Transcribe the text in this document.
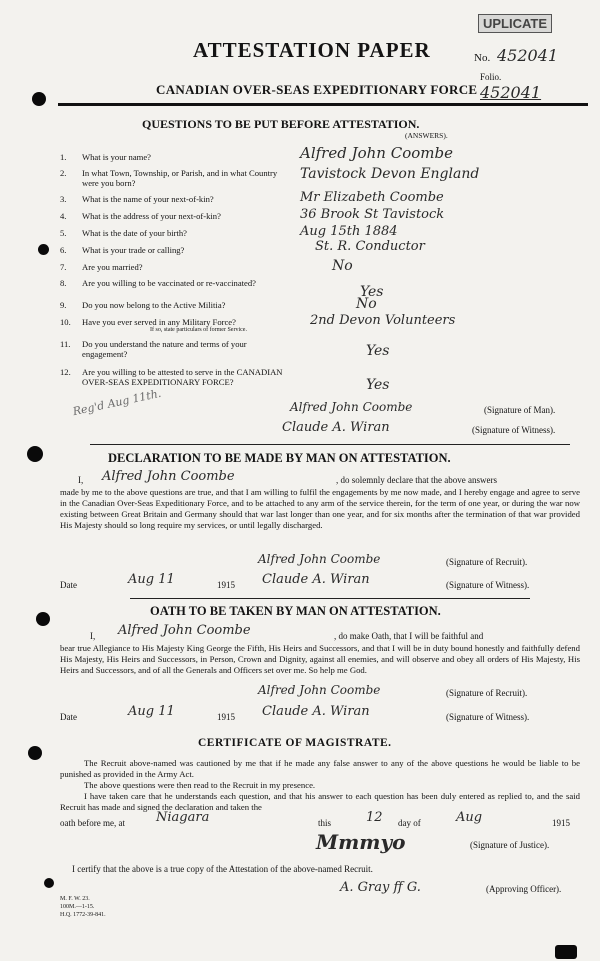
UPLICATE
ATTESTATION PAPER	No. 452041
Folio.
CANADIAN OVER-SEAS EXPEDITIONARY FORCE 452041
QUESTIONS TO BE PUT BEFORE ATTESTATION.
(ANSWERS).
1. What is your name?	Alfred John Coombe
2. In what Town, Township, or Parish, and in what Country were you born?
Tavistock Devon England
3. What is the name of your next-of-kin?	Mr Elizabeth Coombe
4. What is the address of your next-of-kin?	36 Brook St Tavistock
5. What is the date of your birth?	Aug 15th 1884
6. What is your trade or calling?	St. R. Conductor
7. Are you married?	No
8. Are you willing to be vaccinated or re-vaccinated?
Yes
9. Do you now belong to the Active Militia?	No
10. Have you ever served in any Military Force?
If so, state particulars of former Service.
2nd Devon Volunteers
11. Do you understand the nature and terms of your engagement?	Yes
12. Are you willing to be attested to serve in the CANADIAN OVER-SEAS EXPEDITIONARY FORCE?	Yes
Reg'd Aug 11th.	Alfred John Coombe	(Signature of Man).
Claude A. Wiran	(Signature of Witness).
DECLARATION TO BE MADE BY MAN ON ATTESTATION.
I, Alfred John Coombe	, do solemnly declare that the above answers
made by me to the above questions are true, and that I am willing to fulfil the engagements by me now made, and I hereby engage and agree to serve in the Canadian Over-Seas Expeditionary Force, and to be attached to any arm of the service therein, for the term of one year, or during the war now existing between Great Britain and Germany should that war last longer than one year, and for six months after the termination of that war provided His Majesty should so long require my services, or until legally discharged.
Alfred John Coombe	(Signature of Recruit).
Date	Aug 11	1915 Claude A. Wiran	(Signature of Witness).
OATH TO BE TAKEN BY MAN ON ATTESTATION.
I, Alfred John Coombe	, do make Oath, that I will be faithful and
bear true Allegiance to His Majesty King George the Fifth, His Heirs and Successors, and that I will be in duty bound honestly and faithfully defend His Majesty, His Heirs and Successors, in Person, Crown and Dignity, against all enemies, and will observe and obey all orders of His Majesty, His Heirs and Successors, and of all the Generals and Officers set over me. So help me God.
Alfred John Coombe	(Signature of Recruit).
Date	Aug 11	1915 Claude A. Wiran	(Signature of Witness).
CERTIFICATE OF MAGISTRATE.
The Recruit above-named was cautioned by me that if he made any false answer to any of the above questions he would be liable to be punished as provided in the Army Act.
The above questions were then read to the Recruit in my presence.
I have taken care that he understands each question, and that his answer to each question has been duly entered as replied to, and the said Recruit has made and signed the declaration and taken the
oath before me, at Niagara	this	12 day of	Aug	1915
Mmmyo	(Signature of Justice).
I certify that the above is a true copy of the Attestation of the above-named Recruit.
A. Gray ff G.	(Approving Officer).
M. F. W. 23.
100M.—1-15.
H.Q. 1772-39-841.
